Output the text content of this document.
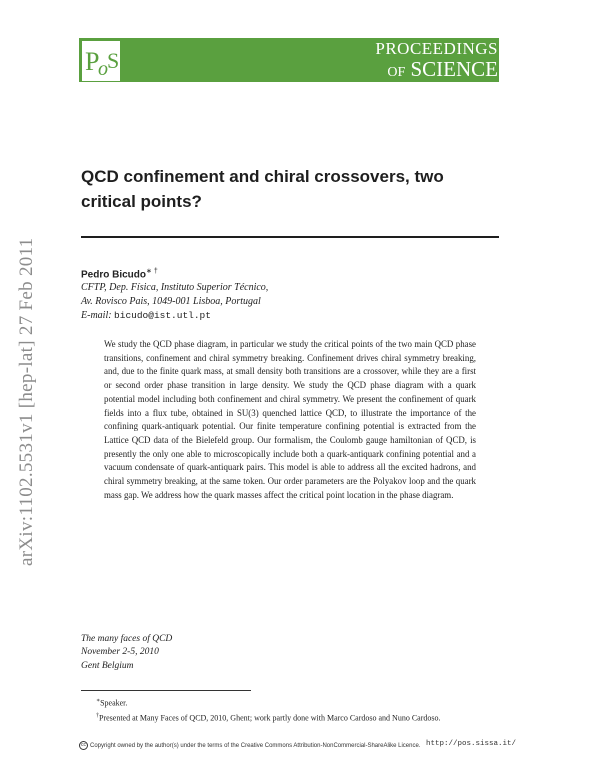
P
o S	PROCEEDINGS
OF SCIENCE
arXiv:1102.5531v1 [hep-lat] 27 Feb 2011
QCD confinement and chiral crossovers, two critical points?
Pedro Bicudo∗ †
CFTP, Dep. Física, Instituto Superior Técnico,
Av. Rovisco Pais, 1049-001 Lisboa, Portugal
E-mail: bicudo@ist.utl.pt

We study the QCD phase diagram, in particular we study the critical points of the two main QCD phase transitions, confinement and chiral symmetry breaking. Confinement drives chiral symmetry breaking, and, due to the finite quark mass, at small density both transitions are a crossover, while they are a first or second order phase transition in large density. We study the QCD phase diagram with a quark potential model including both confinement and chiral symmetry. We present the confinement of quark fields into a flux tube, obtained in SU(3) quenched lattice QCD, to illustrate the importance of the confining quark-antiquark potential. Our finite temperature confining potential is extracted from the Lattice QCD data of the Bielefeld group. Our formalism, the Coulomb gauge hamiltonian of QCD, is presently the only one able to microscopically include both a quark-antiquark confining potential and a vacuum condensate of quark-antiquark pairs. This model is able to address all the excited hadrons, and chiral symmetry breaking, at the same token. Our order parameters are the Polyakov loop and the quark mass gap. We address how the quark masses affect the critical point location in the phase diagram.

The many faces of QCD
November 2-5, 2010
Gent Belgium
∗Speaker.
†Presented at Many Faces of QCD, 2010, Ghent; work partly done with Marco Cardoso and Nuno Cardoso.
cc Copyright owned by the author(s) under the terms of the Creative Commons Attribution-NonCommercial-ShareAlike Licence. http://pos.sissa.it/
